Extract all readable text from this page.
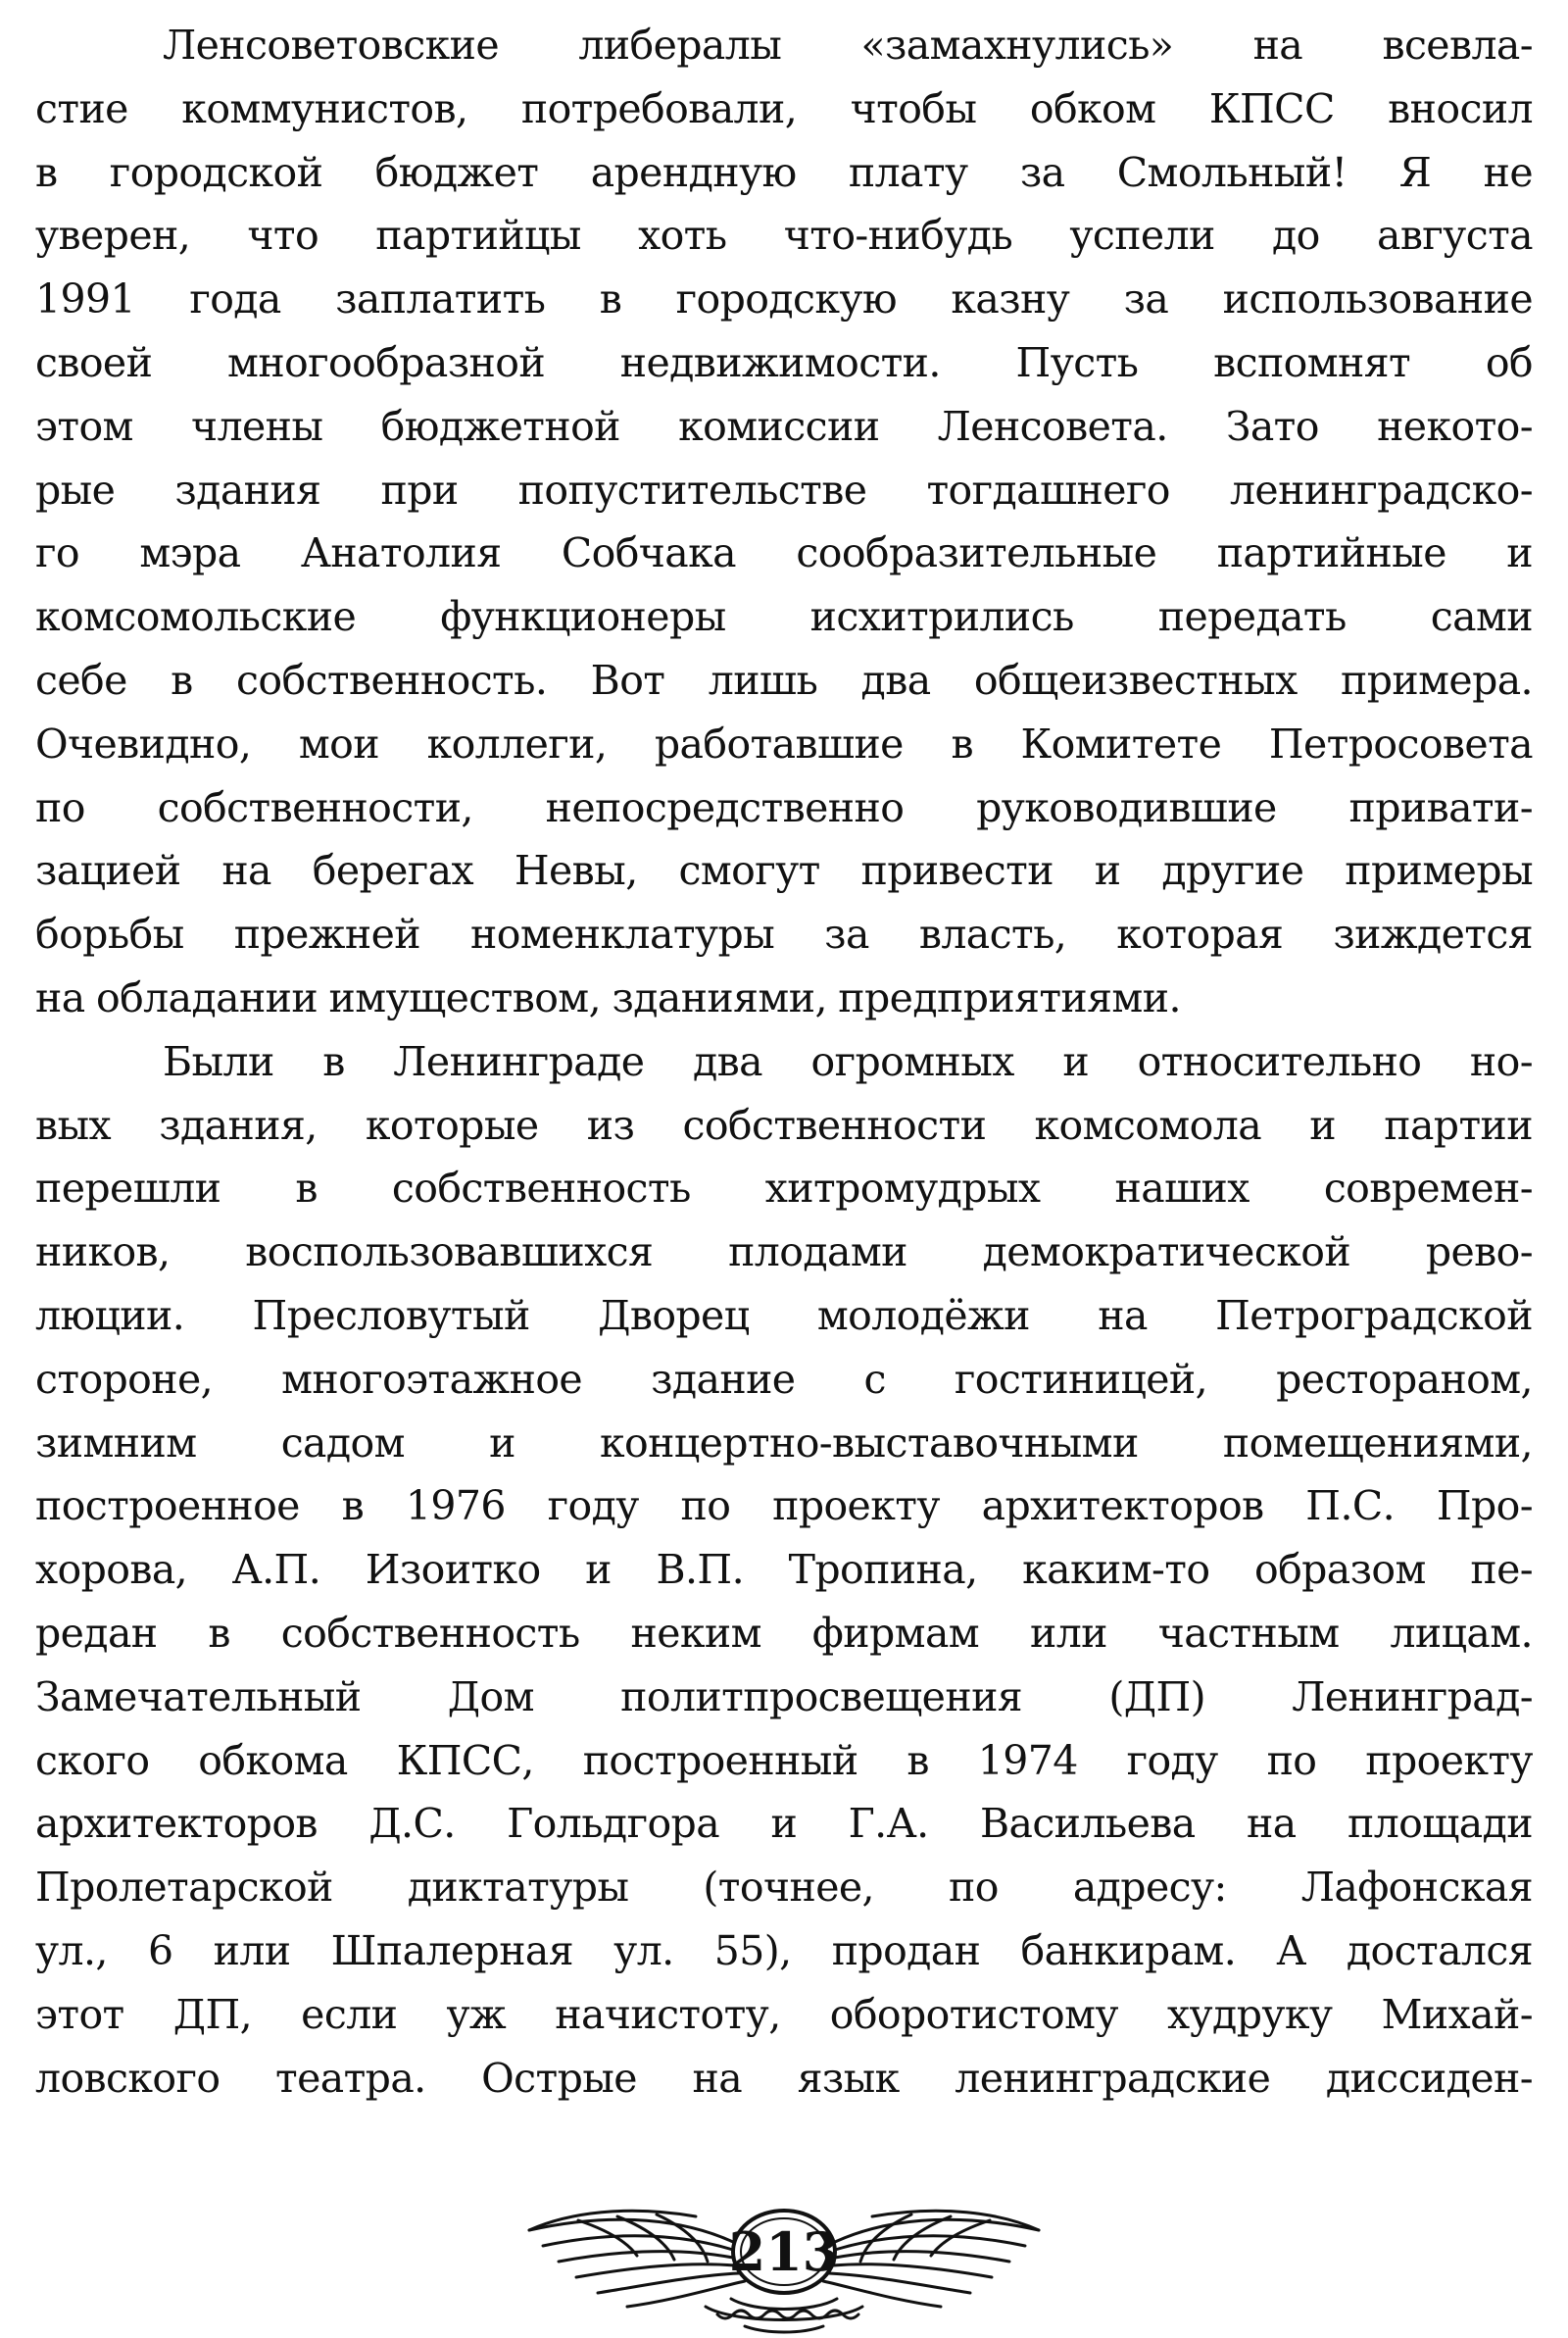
Ленсоветовские либералы «замахнулись» на всевла-
стие коммунистов, потребовали, чтобы обком КПСС вносил
в городской бюджет арендную плату за Смольный! Я не
уверен, что партийцы хоть что-нибудь успели до августа
1991 года заплатить в городскую казну за использование
своей многообразной недвижимости. Пусть вспомнят об
этом члены бюджетной комиссии Ленсовета. Зато некото-
рые здания при попустительстве тогдашнего ленинградско-
го мэра Анатолия Собчака сообразительные партийные и
комсомольские функционеры исхитрились передать сами
себе в собственность. Вот лишь два общеизвестных примера.
Очевидно, мои коллеги, работавшие в Комитете Петросовета
по собственности, непосредственно руководившие привати-
зацией на берегах Невы, смогут привести и другие примеры
борьбы прежней номенклатуры за власть, которая зиждется
на обладании имуществом, зданиями, предприятиями.

Были в Ленинграде два огромных и относительно но-
вых здания, которые из собственности комсомола и партии
перешли в собственность хитромудрых наших современ-
ников, воспользовавшихся плодами демократической рево-
люции. Пресловутый Дворец молодёжи на Петроградской
стороне, многоэтажное здание с гостиницей, рестораном,
зимним садом и концертно-выставочными помещениями,
построенное в 1976 году по проекту архитекторов П.С. Про-
хорова, А.П. Изоитко и В.П. Тропина, каким-то образом пе-
редан в собственность неким фирмам или частным лицам.
Замечательный Дом политпросвещения (ДП) Ленинград-
ского обкома КПСС, построенный в 1974 году по проекту
архитекторов Д.С. Гольдгора и Г.А. Васильева на площади
Пролетарской диктатуры (точнее, по адресу: Лафонская
ул., 6 или Шпалерная ул. 55), продан банкирам. А достался
этот ДП, если уж начистоту, оборотистому худруку Михай-
ловского театра. Острые на язык ленинградские диссиден-

213
